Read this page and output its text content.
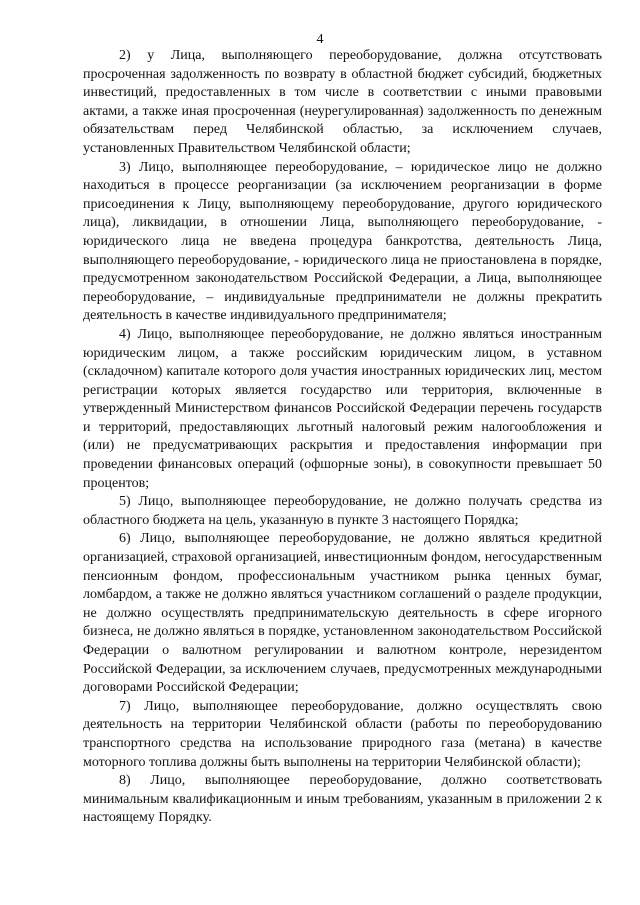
4

2) у Лица, выполняющего переоборудование, должна отсутствовать просроченная задолженность по возврату в областной бюджет субсидий, бюджетных инвестиций, предоставленных в том числе в соответствии с иными правовыми актами, а также иная просроченная (неурегулированная) задолженность по денежным обязательствам перед Челябинской областью, за исключением случаев, установленных Правительством Челябинской области;

3) Лицо, выполняющее переоборудование, – юридическое лицо не должно находиться в процессе реорганизации (за исключением реорганизации в форме присоединения к Лицу, выполняющему переоборудование, другого юридического лица), ликвидации, в отношении Лица, выполняющего переоборудование, - юридического лица не введена процедура банкротства, деятельность Лица, выполняющего переоборудование, - юридического лица не приостановлена в порядке, предусмотренном законодательством Российской Федерации, а Лица, выполняющее переоборудование, – индивидуальные предприниматели не должны прекратить деятельность в качестве индивидуального предпринимателя;

4) Лицо, выполняющее переоборудование, не должно являться иностранным юридическим лицом, а также российским юридическим лицом, в уставном (складочном) капитале которого доля участия иностранных юридических лиц, местом регистрации которых является государство или территория, включенные в утвержденный Министерством финансов Российской Федерации перечень государств и территорий, предоставляющих льготный налоговый режим налогообложения и (или) не предусматривающих раскрытия и предоставления информации при проведении финансовых операций (офшорные зоны), в совокупности превышает 50 процентов;

5) Лицо, выполняющее переоборудование, не должно получать средства из областного бюджета на цель, указанную в пункте 3 настоящего Порядка;

6) Лицо, выполняющее переоборудование, не должно являться кредитной организацией, страховой организацией, инвестиционным фондом, негосударственным пенсионным фондом, профессиональным участником рынка ценных бумаг, ломбардом, а также не должно являться участником соглашений о разделе продукции, не должно осуществлять предпринимательскую деятельность в сфере игорного бизнеса, не должно являться в порядке, установленном законодательством Российской Федерации о валютном регулировании и валютном контроле, нерезидентом Российской Федерации, за исключением случаев, предусмотренных международными договорами Российской Федерации;

7) Лицо, выполняющее переоборудование, должно осуществлять свою деятельность на территории Челябинской области (работы по переоборудованию транспортного средства на использование природного газа (метана) в качестве моторного топлива должны быть выполнены на территории Челябинской области);

8) Лицо, выполняющее переоборудование, должно соответствовать минимальным квалификационным и иным требованиям, указанным в приложении 2 к настоящему Порядку.
